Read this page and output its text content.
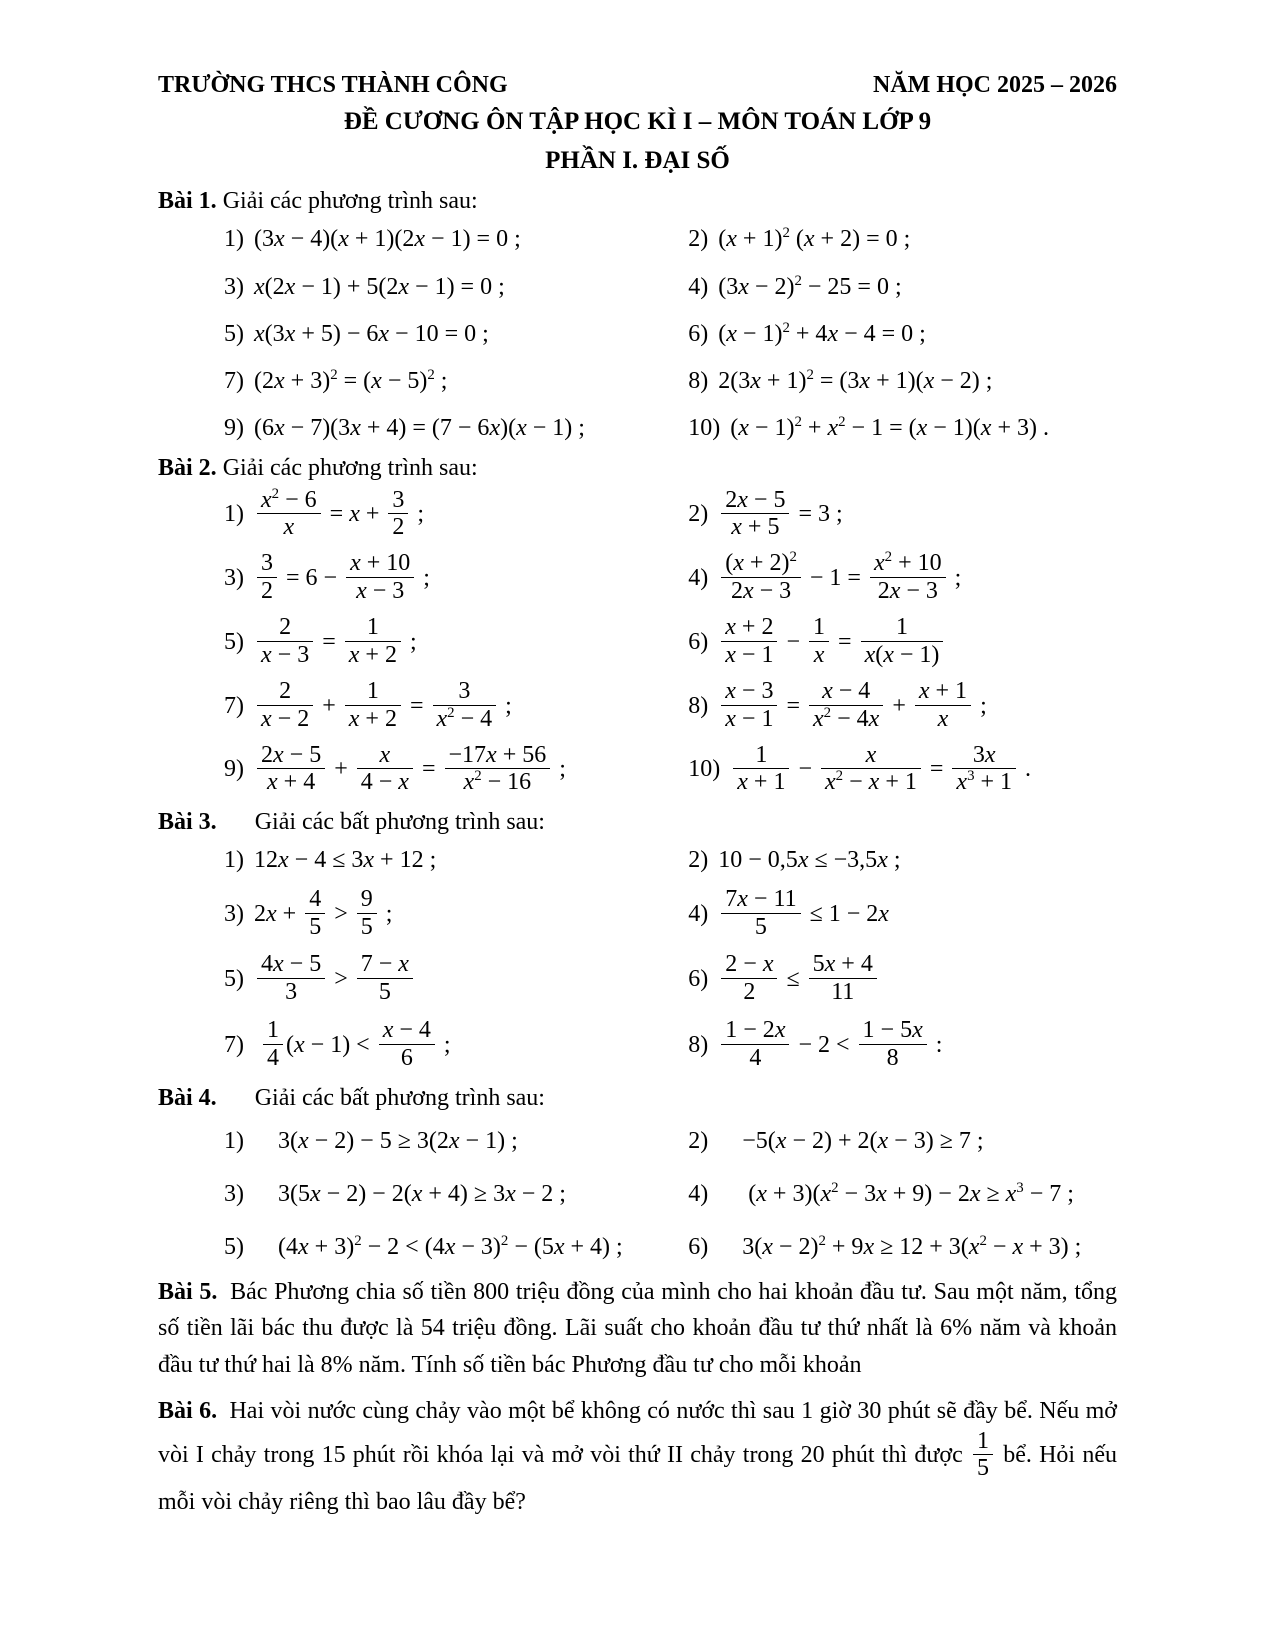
TRƯỜNG THCS THÀNH CÔNG	NĂM HỌC 2025 – 2026
ĐỀ CƯƠNG ÔN TẬP HỌC KÌ I – MÔN TOÁN LỚP 9
PHẦN I. ĐẠI SỐ
Bài 1. Giải các phương trình sau:
1) (3x − 4)(x + 1)(2x − 1) = 0 ;	2) $(x + 1)^2$ (x + 2) = 0 ;
3) x(2x − 1) + 5(2x − 1) = 0 ;	4) $(3x - 2)^2 - 25 = 0$ ;
5) x(3x + 5) − 6x − 10 = 0 ;	6) $(x - 1)^2 + 4x - 4 = 0$ ;
7) $(2x + 3)^2 = (x - 5)^2$ ;	8) $2(3x + 1)^2 = (3x + 1)(x - 2)$ ;
9) (6x − 7)(3x + 4) = (7 − 6x)(x − 1) ;	10) $(x - 1)^2 + x^2 - 1 = (x - 1)(x + 3)$ .
Bài 2. Giải các phương trình sau:
$1) \frac{x^2 - 6}{x} = x + \frac{3}{2}$ ;	$2) \frac{2x - 5}{x + 5} = 3$ ;
$3) \frac{3}{2} = 6 - \frac{x + 10}{x - 3}$ ;	$4) \frac{(x + 2)^2}{2x - 3} - 1 = \frac{x^2 + 10}{2x - 3}$ ;
$5) \frac{2}{x - 3} = \frac{1}{x + 2}$ ;	$6) \frac{x + 2}{x - 1} - \frac{1}{x} = \frac{1}{x(x - 1)}$
$7) \frac{2}{x - 2} + \frac{1}{x + 2} = \frac{3}{x^2 - 4}$ ;	$8) \frac{x - 3}{x - 1} = \frac{x - 4}{x^2 - 4x} + \frac{x + 1}{x}$ ;
$9) \frac{2x - 5}{x + 4} + \frac{x}{4 - x} = \frac{-17x + 56}{x^2 - 16}$ ;	$10) \frac{1}{x + 1} - \frac{x}{x^2 - x + 1} = \frac{3x}{x^3 + 1}$ .
Bài 3. Giải các bất phương trình sau:
1) 12x − 4 ≤ 3x + 12 ;	2) 10 − 0,5x ≤ −3,5x ;
3) $2x + \frac{4}{5} > \frac{9}{5}$ ;	$4) \frac{7x - 11}{5} \le 1 - 2x$
$5) \frac{4x - 5}{3} > \frac{7 - x}{5}$	$6) \frac{2 - x}{2} \le \frac{5x + 4}{11}$
$7) \frac{1}{4} (x - 1) < \frac{x - 4}{6}$ ;	$8) \frac{1 - 2x}{4} - 2 < \frac{1 - 5x}{8}$ :
Bài 4. Giải các bất phương trình sau:
1) 3(x − 2) − 5 ≥ 3(2x − 1) ;	2) −5(x − 2) + 2(x − 3) ≥ 7 ;
3) 3(5x − 2) − 2(x + 4) ≥ 3x − 2 ;	4) $(x + 3)(x^2 - 3x + 9) - 2x \ge x^3 - 7$ ;
5) $(4x + 3)^2 - 2 < (4x - 3)^2 - (5x + 4)$ ;	6) $3(x - 2)^2 + 9x \ge 12 + 3(x^2 - x + 3)$ ;
Bài 5. Bác Phương chia số tiền 800 triệu đồng của mình cho hai khoản đầu tư. Sau một năm, tổng số tiền lãi bác thu được là 54 triệu đồng. Lãi suất cho khoản đầu tư thứ nhất là 6% năm và khoản đầu tư thứ hai là 8% năm. Tính số tiền bác Phương đầu tư cho mỗi khoản
Bài 6. Hai vòi nước cùng chảy vào một bể không có nước thì sau 1 giờ 30 phút sẽ đầy bể. Nếu mở vòi I chảy trong 15 phút rồi khóa lại và mở vòi thứ II chảy trong 20 phút thì được $\frac{1}{5}$ bể. Hỏi nếu mỗi vòi chảy riêng thì bao lâu đầy bể?
